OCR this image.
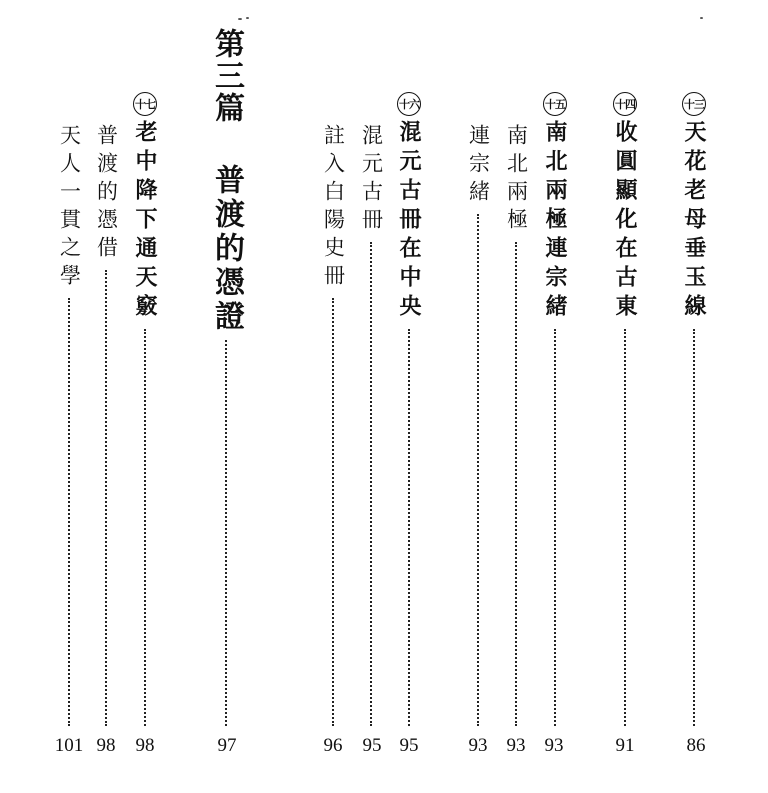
十三
天花老母垂玉線
86
十四
收圓顯化在古東
91
十五
南北兩極連宗緒
93
南北兩極
93
連宗緒
93
十六
混元古冊在中央
95
混元古冊
95
註入白陽史冊
96
第三篇
普渡的憑證
97
十七
老中降下通天竅
98
普渡的憑借
98
天人一貫之學
101
